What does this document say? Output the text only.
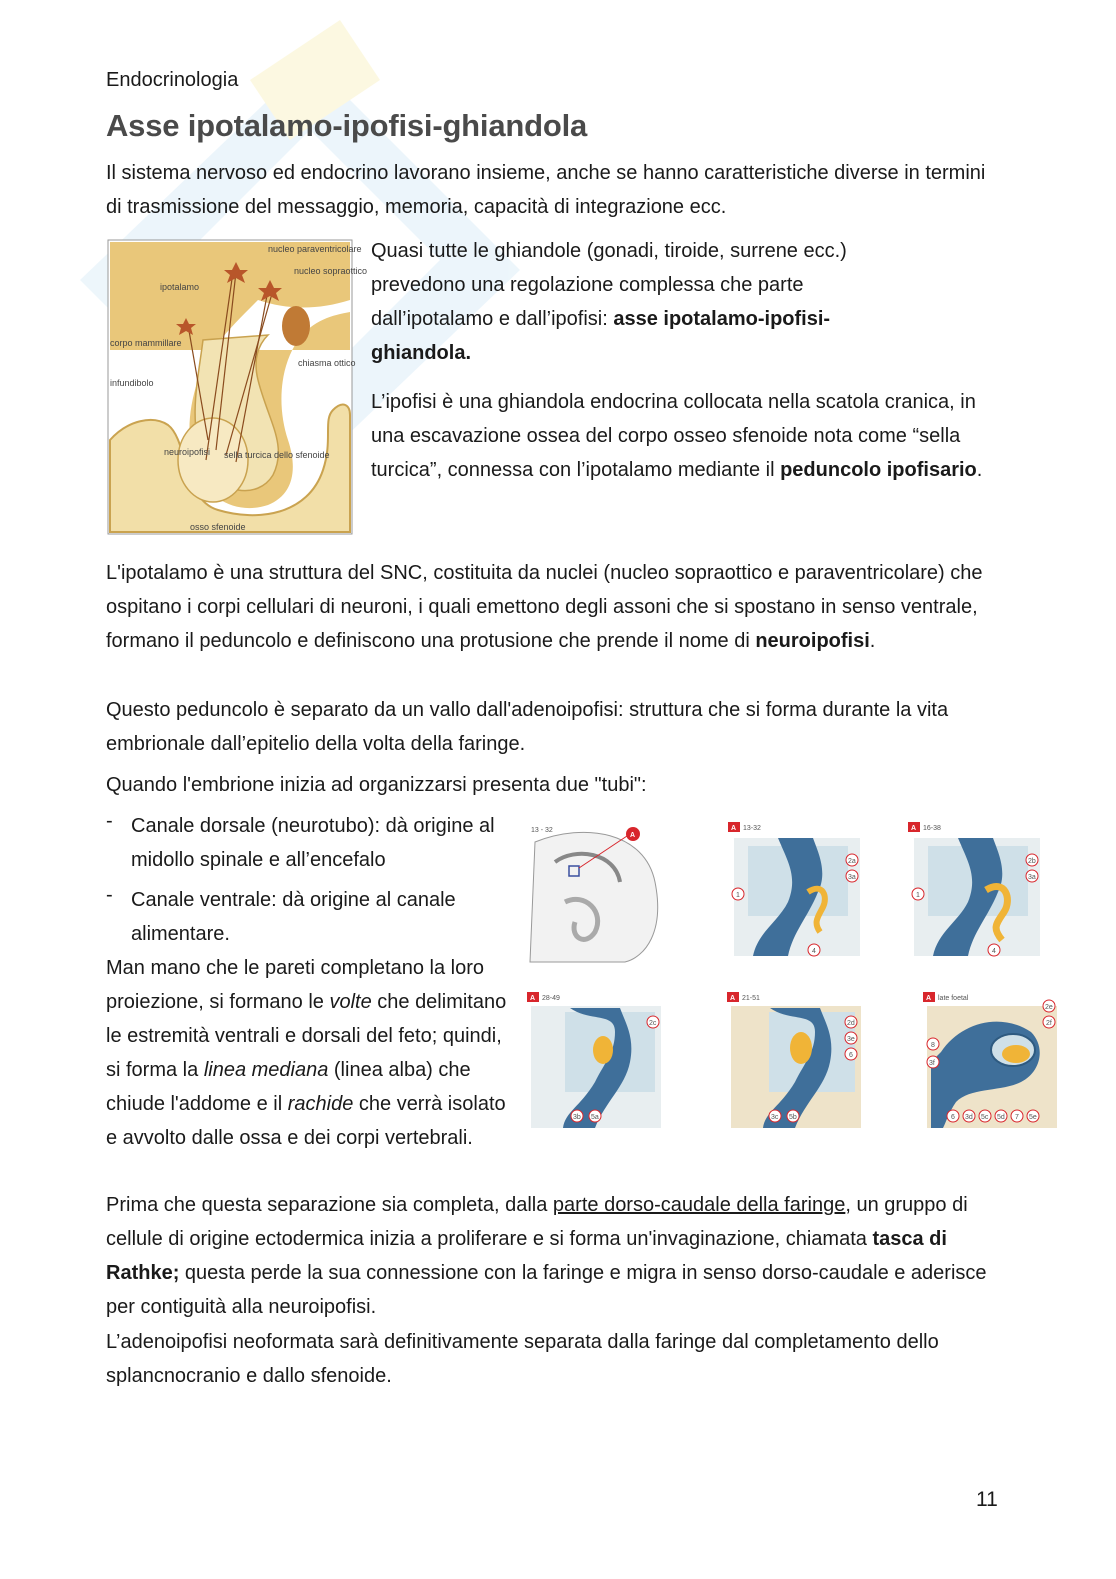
Endocrinologia
Asse ipotalamo-ipofisi-ghiandola

Il sistema nervoso ed endocrino lavorano insieme, anche se hanno caratteristiche diverse in termini di trasmissione del messaggio, memoria, capacità di integrazione ecc.

nucleo paraventricolare
nucleo sopraottico
ipotalamo
corpo mammillare
chiasma ottico
infundibolo
neuroipofisi sella turcica dello sfenoide
osso sfenoide

Quasi tutte le ghiandole (gonadi, tiroide, surrene ecc.) prevedono una regolazione complessa che parte dall’ipotalamo e dall’ipofisi: asse ipotalamo-ipofisi-ghiandola.

L’ipofisi è una ghiandola endocrina collocata nella scatola cranica, in una escavazione ossea del corpo osseo sfenoide nota come “sella turcica”, connessa con l’ipotalamo mediante il peduncolo ipofisario.

L'ipotalamo è una struttura del SNC, costituita da nuclei (nucleo sopraottico e paraventricolare) che ospitano i corpi cellulari di neuroni, i quali emettono degli assoni che si spostano in senso ventrale, formano il peduncolo e definiscono una protusione che prende il nome di neuroipofisi.

Questo peduncolo è separato da un vallo dall'adenoipofisi: struttura che si forma durante la vita embrionale dall’epitelio della volta della faringe.

Quando l'embrione inizia ad organizzarsi presenta due "tubi":

- Canale dorsale (neurotubo): dà origine al midollo spinale e all’encefalo
- Canale ventrale: dà origine al canale alimentare.

Man mano che le pareti completano la loro proiezione, si formano le volte che delimitano le estremità ventrali e dorsali del feto; quindi, si forma la linea mediana (linea alba) che chiude l'addome e il rachide che verrà isolato e avvolto dalle ossa e dei corpi vertebrali.

A
13 - 32	A 13-32
2a
3a
1
4
A 16-38
2b
3a
1
4
A 28-49
2c
3b 5a
A 21-51
2d
3e
6
3c 5b
A late foetal
2e
2f
8
3f
6 3d 5c 5d 7 5e

Prima che questa separazione sia completa, dalla parte dorso-caudale della faringe, un gruppo di cellule di origine ectodermica inizia a proliferare e si forma un'invaginazione, chiamata tasca di Rathke; questa perde la sua connessione con la faringe e migra in senso dorso-caudale e aderisce per contiguità alla neuroipofisi.

L’adenoipofisi neoformata sarà definitivamente separata dalla faringe dal completamento dello splancnocranio e dallo sfenoide.

11
